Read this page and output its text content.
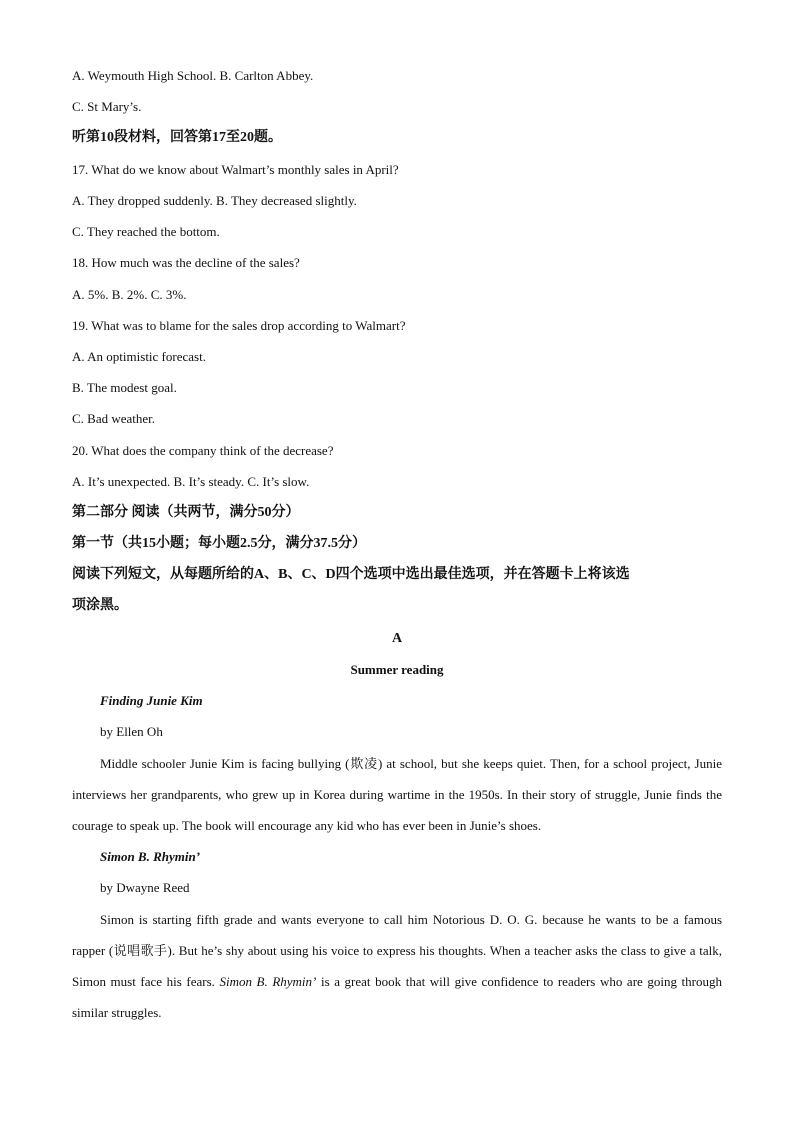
A. Weymouth High School. B. Carlton Abbey.
C. St Mary’s.
听第10段材料，回答第17至20题。
17. What do we know about Walmart’s monthly sales in April?
A. They dropped suddenly. B. They decreased slightly.
C. They reached the bottom.
18. How much was the decline of the sales?
A. 5%. B. 2%. C. 3%.
19. What was to blame for the sales drop according to Walmart?
A. An optimistic forecast.
B. The modest goal.
C. Bad weather.
20. What does the company think of the decrease?
A. It’s unexpected. B. It’s steady. C. It’s slow.
第二部分 阅读（共两节，满分50分）
第一节（共15小题；每小题2.5分，满分37.5分）
阅读下列短文，从每题所给的A、B、C、D四个选项中选出最佳选项，并在答题卡上将该选
项涂黑。
A
Summer reading
Finding Junie Kim
by Ellen Oh
Middle schooler Junie Kim is facing bullying (欺凌) at school, but she keeps quiet. Then, for a school project, Junie interviews her grandparents, who grew up in Korea during wartime in the 1950s. In their story of struggle, Junie finds the courage to speak up. The book will encourage any kid who has ever been in Junie’s shoes.
Simon B. Rhymin’
by Dwayne Reed
Simon is starting fifth grade and wants everyone to call him Notorious D. O. G. because he wants to be a famous rapper (说唱歌手). But he’s shy about using his voice to express his thoughts. When a teacher asks the class to give a talk, Simon must face his fears. Simon B. Rhymin’ is a great book that will give confidence to readers who are going through similar struggles.
